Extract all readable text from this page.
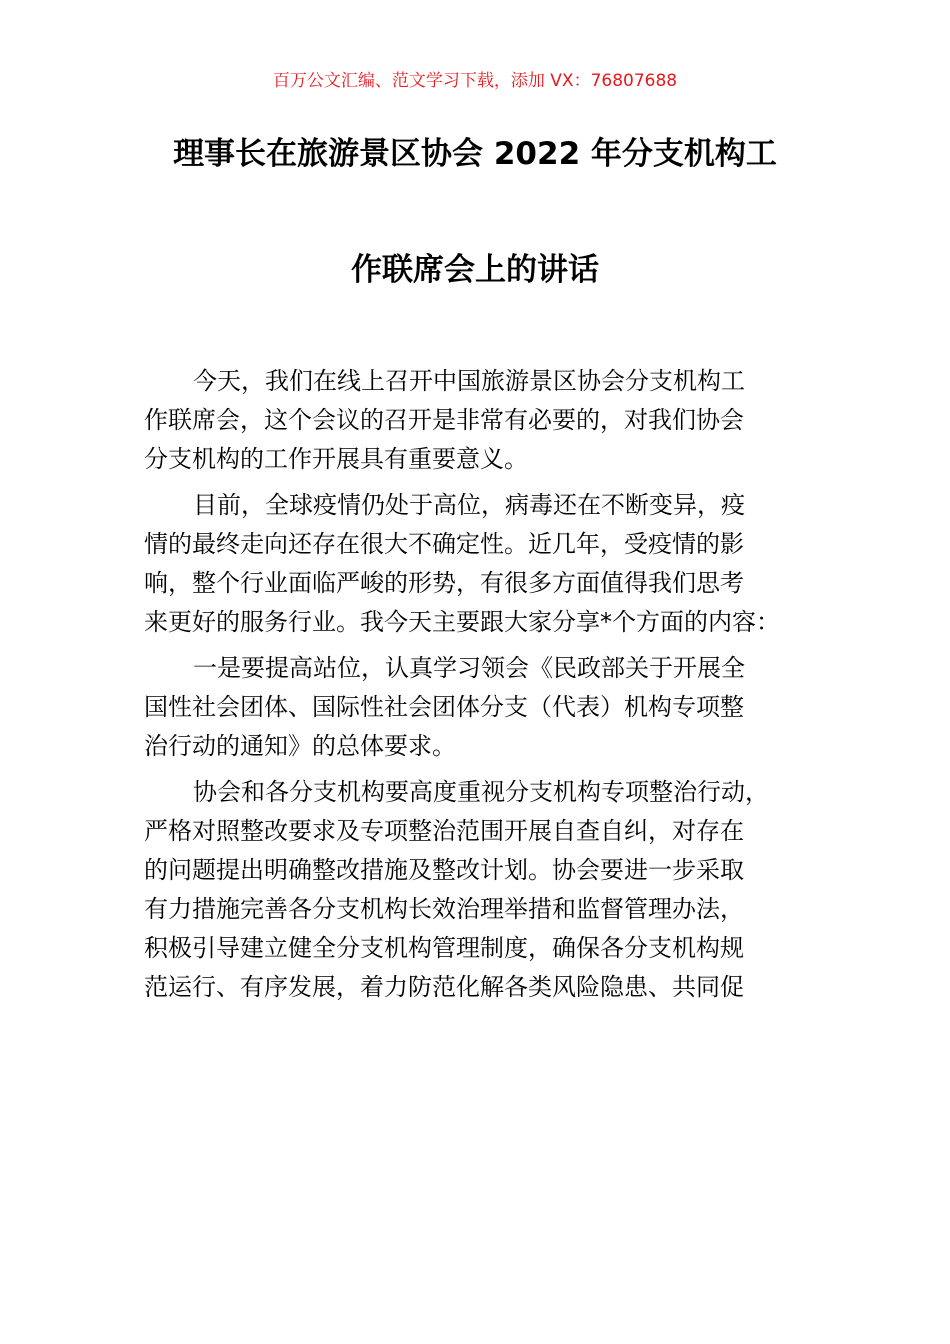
百万公文汇编、范文学习下载，添加 VX：76807688
理事长在旅游景区协会 2022 年分支机构工
作联席会上的讲话
今天，我们在线上召开中国旅游景区协会分支机构工
作联席会，这个会议的召开是非常有必要的，对我们协会
分支机构的工作开展具有重要意义。
目前，全球疫情仍处于高位，病毒还在不断变异，疫
情的最终走向还存在很大不确定性。近几年，受疫情的影
响，整个行业面临严峻的形势，有很多方面值得我们思考
来更好的服务行业。我今天主要跟大家分享*个方面的内容：
一是要提高站位，认真学习领会《民政部关于开展全
国性社会团体、国际性社会团体分支（代表）机构专项整
治行动的通知》的总体要求。
协会和各分支机构要高度重视分支机构专项整治行动，
严格对照整改要求及专项整治范围开展自查自纠，对存在
的问题提出明确整改措施及整改计划。协会要进一步采取
有力措施完善各分支机构长效治理举措和监督管理办法，
积极引导建立健全分支机构管理制度，确保各分支机构规
范运行、有序发展，着力防范化解各类风险隐患、共同促
